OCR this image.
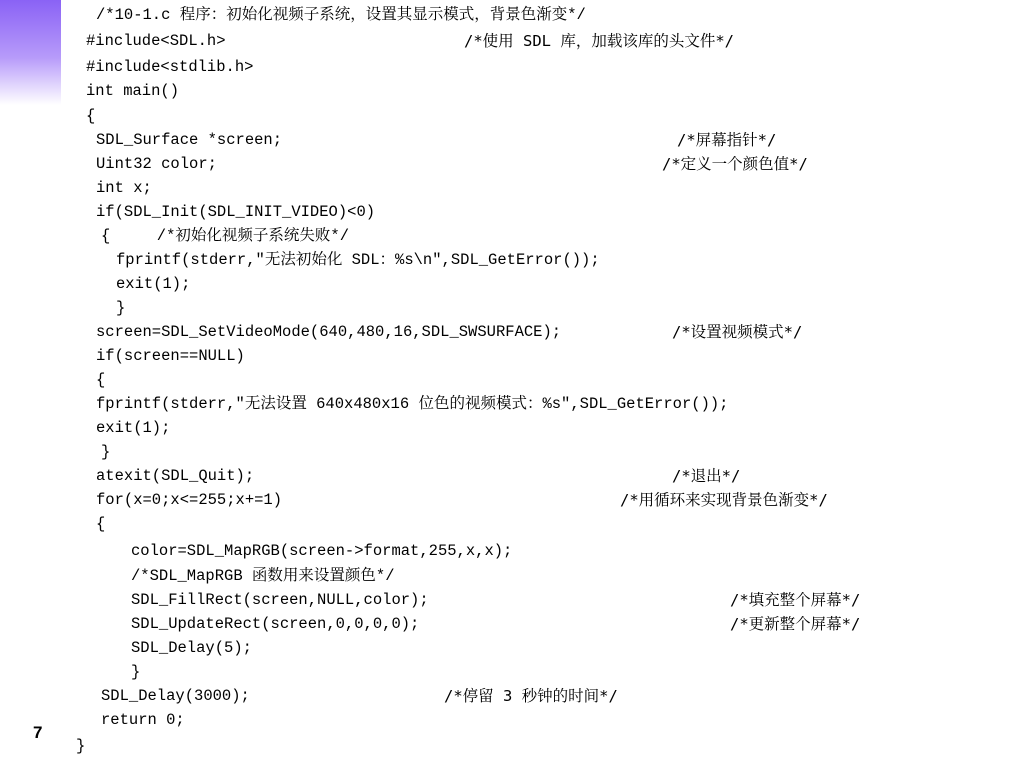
/*10-1.c 程序：初始化视频子系统，设置其显示模式，背景色渐变*/
#include<SDL.h>
#include<stdlib.h>
int main()
{
SDL_Surface *screen;
Uint32 color;
int x;
if(SDL_Init(SDL_INIT_VIDEO)<0)
{     /*初始化视频子系统失败*/
fprintf(stderr,"无法初始化 SDL：%s\n",SDL_GetError());
exit(1);
}
screen=SDL_SetVideoMode(640,480,16,SDL_SWSURFACE);
if(screen==NULL)
{
fprintf(stderr,"无法设置 640x480x16 位色的视频模式：%s",SDL_GetError());
exit(1);
}
atexit(SDL_Quit);
for(x=0;x<=255;x+=1)
{
color=SDL_MapRGB(screen->format,255,x,x);
/*SDL_MapRGB 函数用来设置颜色*/
SDL_FillRect(screen,NULL,color);
SDL_UpdateRect(screen,0,0,0,0);
SDL_Delay(5);
}
SDL_Delay(3000);
return 0;
}
/*使用 SDL 库，加载该库的头文件*/
/*屏幕指针*/
/*定义一个颜色值*/
/*设置视频模式*/
/*退出*/
/*用循环来实现背景色渐变*/
/*填充整个屏幕*/
/*更新整个屏幕*/
/*停留 3 秒钟的时间*/
7
